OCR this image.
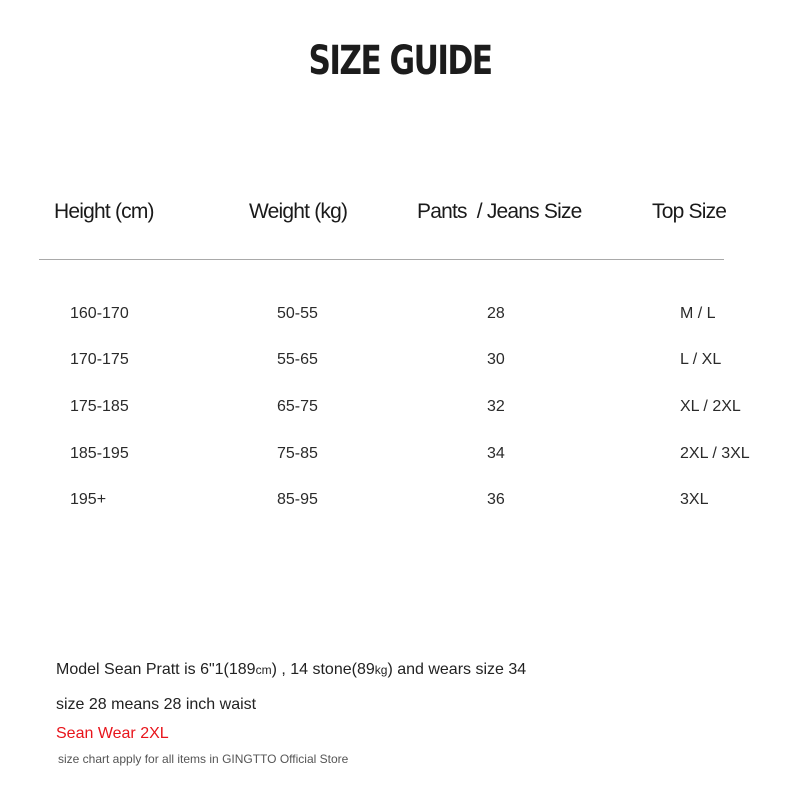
SIZE GUIDE
Height (cm)	Weight (kg)	Pants  / Jeans Size	Top Size
160-170	50-55	28	M / L
170-175	55-65	30	L / XL
175-185	65-75	32	XL / 2XL
185-195	75-85	34	2XL / 3XL
195+	85-95	36	3XL
Model Sean Pratt is 6"1(189cm) , 14 stone(89kg) and wears size 34
size 28 means 28 inch waist
Sean Wear 2XL
size chart apply for all items in GINGTTO Official Store
